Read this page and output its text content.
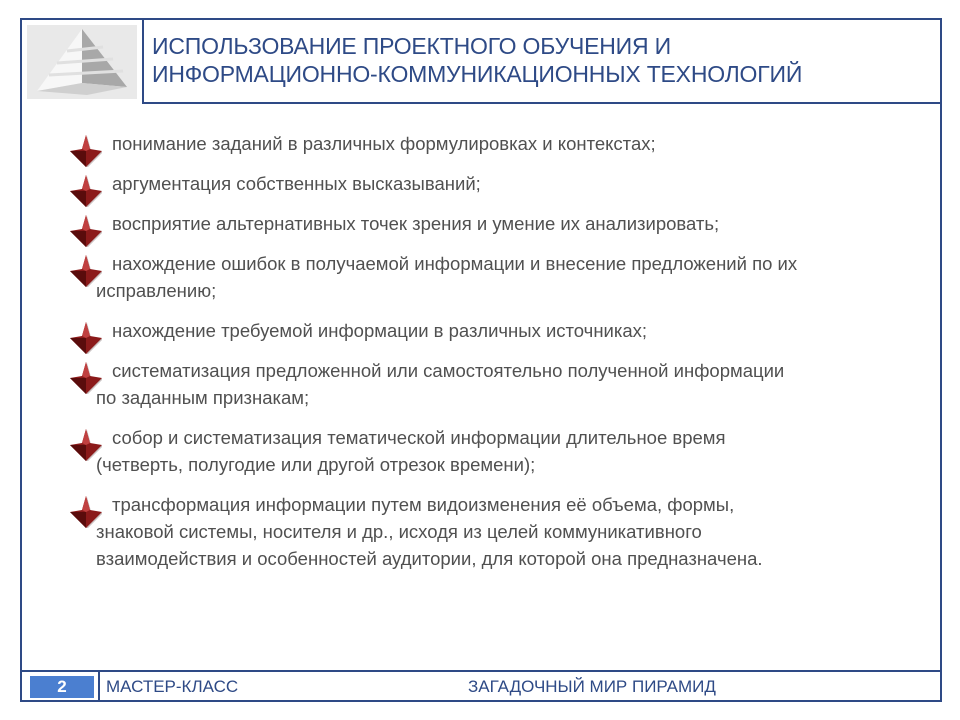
ИСПОЛЬЗОВАНИЕ ПРОЕКТНОГО ОБУЧЕНИЯ И
ИНФОРМАЦИОННО-КОММУНИКАЦИОННЫХ ТЕХНОЛОГИЙ
2	МАСТЕР-КЛАСС	ЗАГАДОЧНЫЙ МИР ПИРАМИД
понимание заданий в различных формулировках и контекстах;
аргументация собственных высказываний;
восприятие альтернативных точек зрения и умение их анализировать;
нахождение ошибок в получаемой информации и внесение предложений по их исправлению;
нахождение требуемой информации в различных источниках;
систематизация предложенной или самостоятельно полученной информации по заданным признакам;
собор и систематизация тематической информации длительное время (четверть, полугодие или другой отрезок времени);
трансформация информации путем видоизменения её объема, формы, знаковой системы, носителя и др., исходя из целей коммуникативного взаимодействия и особенностей аудитории, для которой она предназначена.
